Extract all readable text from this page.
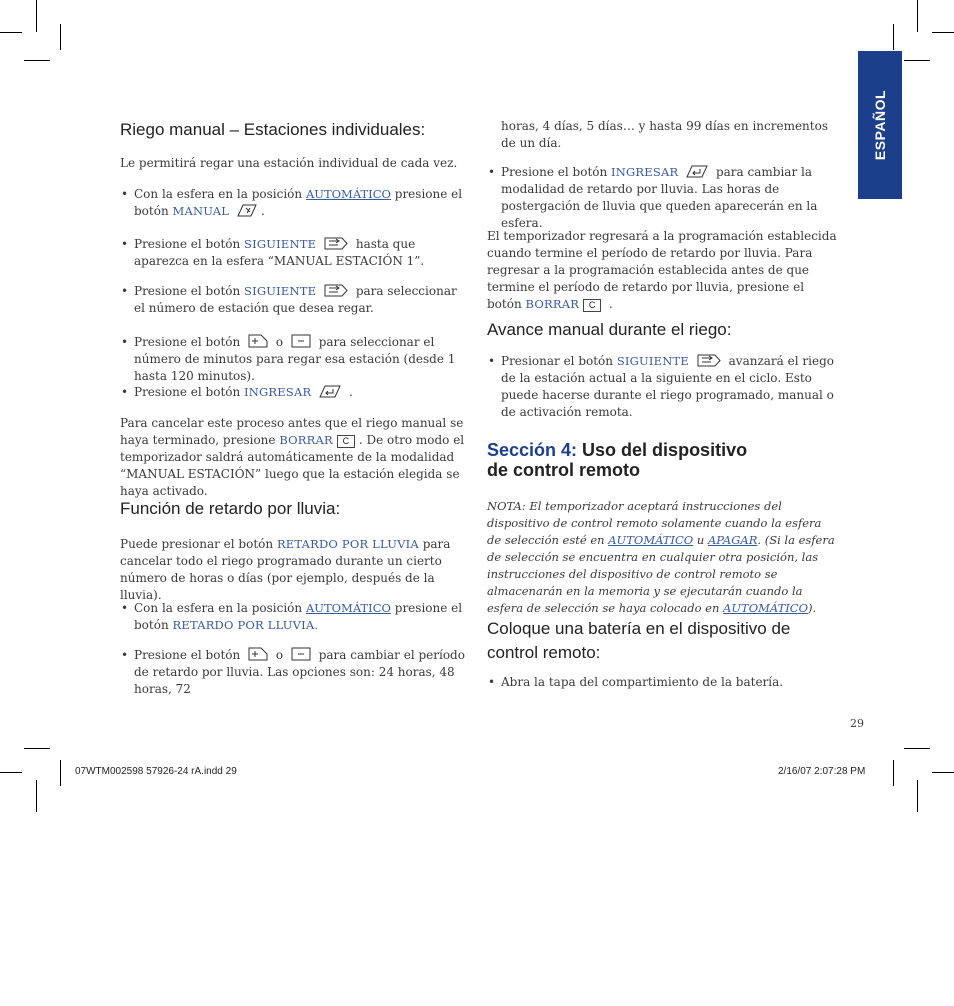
ESPAÑOL
Riego manual – Estaciones individuales:

Le permitirá regar una estación individual de cada vez.

• Con la esfera en la posición AUTOMÁTICO presione el botón MANUAL	.
• Presione el botón SIGUIENTE	hasta que aparezca en la esfera “MANUAL ESTACIÓN 1”.
• Presione el botón SIGUIENTE	para seleccionar el número de estación que desea regar.
• Presione el botón  o  para seleccionar el número de minutos para regar esa estación (desde 1 hasta 120 minutos).
• Presione el botón INGRESAR	.
Para cancelar este proceso antes que el riego manual se haya terminado, presione BORRAR C . De otro modo el temporizador saldrá automáticamente de la modalidad “MANUAL ESTACIÓN” luego que la estación elegida se haya activado.
Función de retardo por lluvia:
Puede presionar el botón RETARDO POR LLUVIA para cancelar todo el riego programado durante un cierto número de horas o días (por ejemplo, después de la lluvia).
• Con la esfera en la posición AUTOMÁTICO presione el botón RETARDO POR LLUVIA.
• Presione el botón  o  para cambiar el período de retardo por lluvia. Las opciones son: 24 horas, 48 horas, 72

horas, 4 días, 5 días… y hasta 99 días en incrementos de un día.

• Presione el botón INGRESAR	para cambiar la modalidad de retardo por lluvia. Las horas de postergación de lluvia que queden aparecerán en la esfera.
El temporizador regresará a la programación establecida cuando termine el período de retardo por lluvia. Para regresar a la programación establecida antes de que termine el período de retardo por lluvia, presione el botón BORRAR C .
Avance manual durante el riego:
• Presionar el botón SIGUIENTE	avanzará el riego de la estación actual a la siguiente en el ciclo. Esto puede hacerse durante el riego programado, manual o de activación remota.
Sección 4: Uso del dispositivo
de control remoto

NOTA: El temporizador aceptará instrucciones del dispositivo de control remoto solamente cuando la esfera de selección esté en AUTOMÁTICO u APAGAR. (Si la esfera de selección se encuentra en cualquier otra posición, las instrucciones del dispositivo de control remoto se almacenarán en la memoria y se ejecutarán cuando la esfera de selección se haya colocado en AUTOMÁTICO).

Coloque una batería en el dispositivo de control remoto:
• Abra la tapa del compartimiento de la batería.
29
07WTM002598 57926-24 rA.indd 29	2/16/07 2:07:28 PM
